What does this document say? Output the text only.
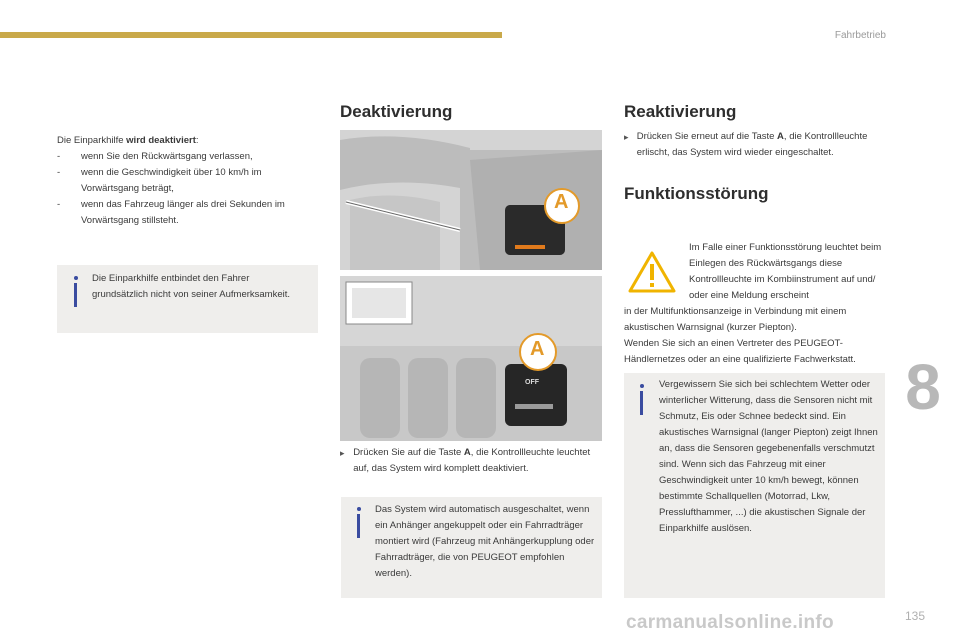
Fahrbetrieb
8
135
Die Einparkhilfe wird deaktiviert:
-	wenn Sie den Rückwärtsgang verlassen,
-	wenn die Geschwindigkeit über 10 km/h im Vorwärtsgang beträgt,
-	wenn das Fahrzeug länger als drei Sekunden im Vorwärtsgang stillsteht.
Die Einparkhilfe entbindet den Fahrer grundsätzlich nicht von seiner Aufmerksamkeit.
Deaktivierung
A
A
OFF
▸ Drücken Sie auf die Taste A, die Kontrollleuchte leuchtet auf, das System wird komplett deaktiviert.
Das System wird automatisch ausgeschaltet, wenn ein Anhänger angekuppelt oder ein Fahrradträger montiert wird (Fahrzeug mit Anhängerkupplung oder Fahrradträger, die von PEUGEOT empfohlen werden).
Reaktivierung
▸ Drücken Sie erneut auf die Taste A, die Kontrollleuchte erlischt, das System wird wieder eingeschaltet.
Funktionsstörung
Im Falle einer Funktionsstörung leuchtet beim Einlegen des Rückwärtsgangs diese Kontrollleuchte im Kombiinstrument auf und/ oder eine Meldung erscheint
in der Multifunktionsanzeige in Verbindung mit einem akustischen Warnsignal (kurzer Piepton).
Wenden Sie sich an einen Vertreter des PEUGEOT-Händlernetzes oder an eine qualifizierte Fachwerkstatt.
Vergewissern Sie sich bei schlechtem Wetter oder winterlicher Witterung, dass die Sensoren nicht mit Schmutz, Eis oder Schnee bedeckt sind. Ein akustisches Warnsignal (langer Piepton) zeigt Ihnen an, dass die Sensoren gegebenenfalls verschmutzt sind. Wenn sich das Fahrzeug mit einer Geschwindigkeit unter 10 km/h bewegt, können bestimmte Schallquellen (Motorrad, Lkw, Presslufthammer, ...) die akustischen Signale der Einparkhilfe auslösen.
carmanualsonline.info
